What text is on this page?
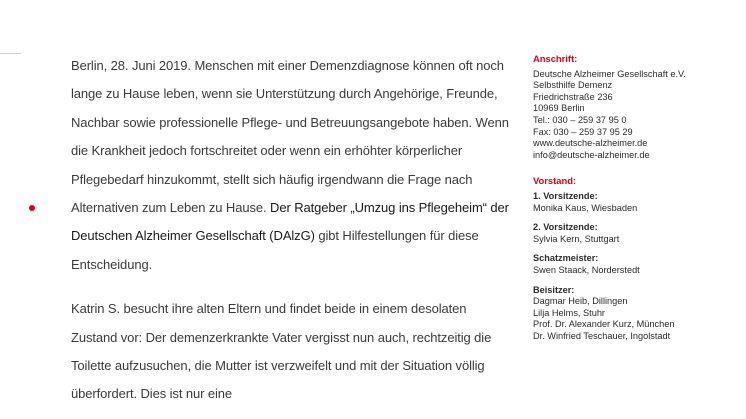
Berlin, 28. Juni 2019. Menschen mit einer Demenzdiagnose können oft noch lange zu Hause leben, wenn sie Unterstützung durch Angehörige, Freunde, Nachbar sowie professionelle Pflege- und Betreuungsangebote haben. Wenn die Krankheit jedoch fortschreitet oder wenn ein erhöhter körperlicher Pflegebedarf hinzukommt, stellt sich häufig irgendwann die Frage nach Alternativen zum Leben zu Hause. Der Ratgeber „Umzug ins Pflegeheim“ der Deutschen Alzheimer Gesellschaft (DAlzG) gibt Hilfestellungen für diese Entscheidung.

Katrin S. besucht ihre alten Eltern und findet beide in einem desolaten Zustand vor: Der demenzerkrankte Vater vergisst nun auch, rechtzeitig die Toilette aufzusuchen, die Mutter ist verzweifelt und mit der Situation völlig überfordert. Dies ist nur eine

Anschrift:
Deutsche Alzheimer Gesellschaft e.V.
Selbsthilfe Demenz
Friedrichstraße 236
10969 Berlin
Tel.: 030 – 259 37 95 0
Fax: 030 – 259 37 95 29
www.deutsche-alzheimer.de
info@deutsche-alzheimer.de
Vorstand:
1. Vorsitzende:
Monika Kaus, Wiesbaden
2. Vorsitzende:
Sylvia Kern, Stuttgart
Schatzmeister:
Swen Staack, Norderstedt
Beisitzer:
Dagmar Heib, Dillingen
Lilja Helms, Stuhr
Prof. Dr. Alexander Kurz, München
Dr. Winfried Teschauer, Ingolstadt
